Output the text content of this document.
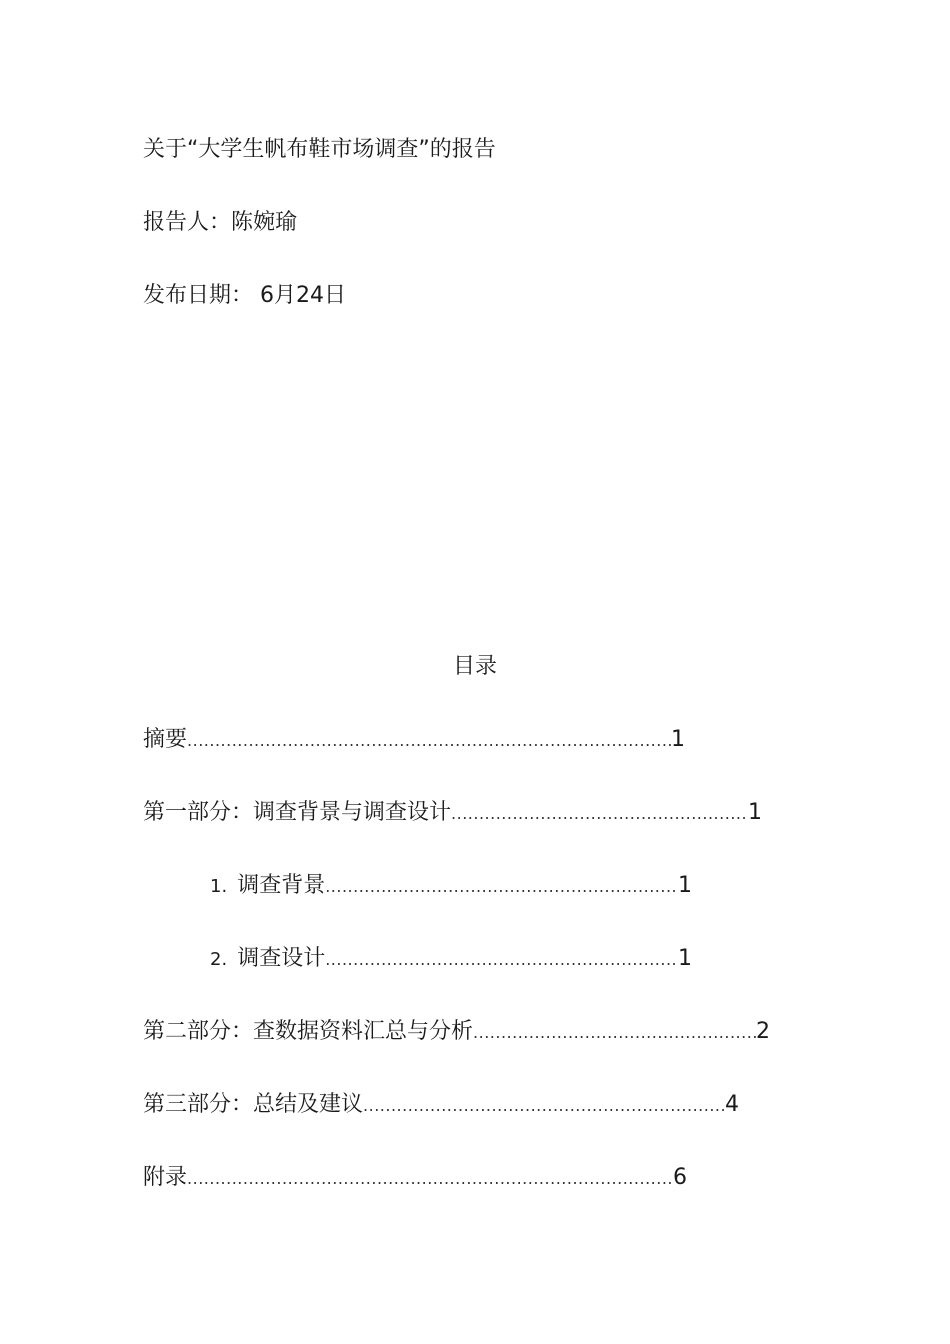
关于“大学生帆布鞋市场调查”的报告
报告人：陈婉瑜
发布日期： 6月24日
目录
摘要 .....	1
第一部分：调查背景与调查设计 .....	1
1. 调查背景 .....	1
2. 调查设计 .....	1
第二部分：查数据资料汇总与分析 .....	2
第三部分：总结及建议 .....	4
附录 .....	6
